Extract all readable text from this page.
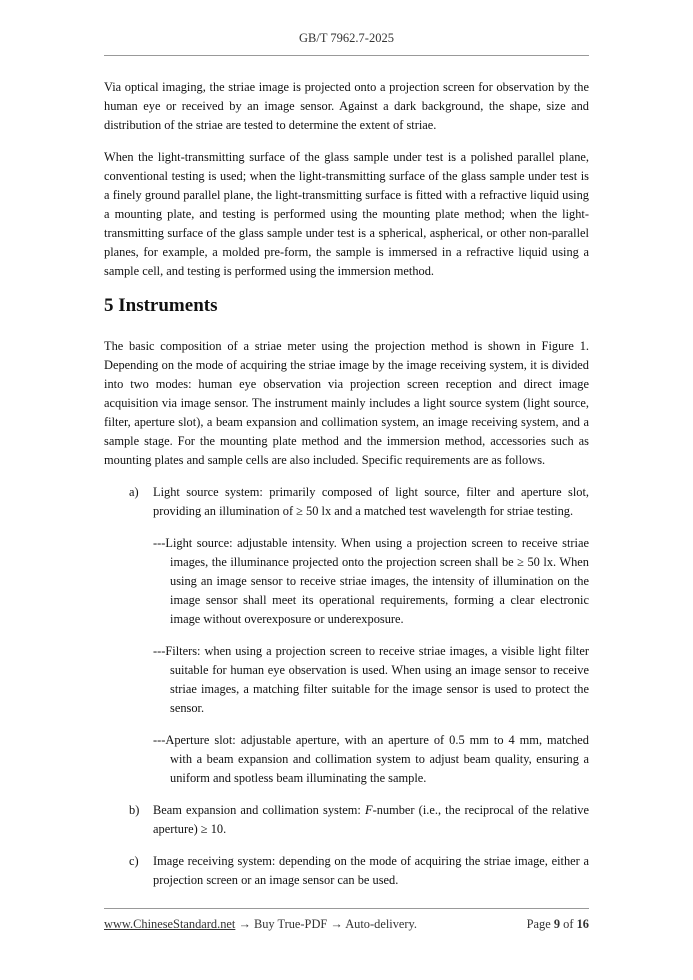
GB/T 7962.7-2025

Via optical imaging, the striae image is projected onto a projection screen for observation by the human eye or received by an image sensor. Against a dark background, the shape, size and distribution of the striae are tested to determine the extent of striae.

When the light-transmitting surface of the glass sample under test is a polished parallel plane, conventional testing is used; when the light-transmitting surface of the glass sample under test is a finely ground parallel plane, the light-transmitting surface is fitted with a refractive liquid using a mounting plate, and testing is performed using the mounting plate method; when the light-transmitting surface of the glass sample under test is a spherical, aspherical, or other non-parallel planes, for example, a molded pre-form, the sample is immersed in a refractive liquid using a sample cell, and testing is performed using the immersion method.

5 Instruments

The basic composition of a striae meter using the projection method is shown in Figure 1. Depending on the mode of acquiring the striae image by the image receiving system, it is divided into two modes: human eye observation via projection screen reception and direct image acquisition via image sensor. The instrument mainly includes a light source system (light source, filter, aperture slot), a beam expansion and collimation system, an image receiving system, and a sample stage. For the mounting plate method and the immersion method, accessories such as mounting plates and sample cells are also included. Specific requirements are as follows.

a)	Light source system: primarily composed of light source, filter and aperture slot, providing an illumination of ≥ 50 lx and a matched test wavelength for striae testing.

---Light source: adjustable intensity. When using a projection screen to receive striae images, the illuminance projected onto the projection screen shall be ≥ 50 lx. When using an image sensor to receive striae images, the intensity of illumination on the image sensor shall meet its operational requirements, forming a clear electronic image without overexposure or underexposure.

---Filters: when using a projection screen to receive striae images, a visible light filter suitable for human eye observation is used. When using an image sensor to receive striae images, a matching filter suitable for the image sensor is used to protect the sensor.

---Aperture slot: adjustable aperture, with an aperture of 0.5 mm to 4 mm, matched with a beam expansion and collimation system to adjust beam quality, ensuring a uniform and spotless beam illuminating the sample.

b)	Beam expansion and collimation system: F-number (i.e., the reciprocal of the relative aperture) ≥ 10.

c)	Image receiving system: depending on the mode of acquiring the striae image, either a projection screen or an image sensor can be used.

www.ChineseStandard.net → Buy True-PDF → Auto-delivery.	Page 9 of 16
